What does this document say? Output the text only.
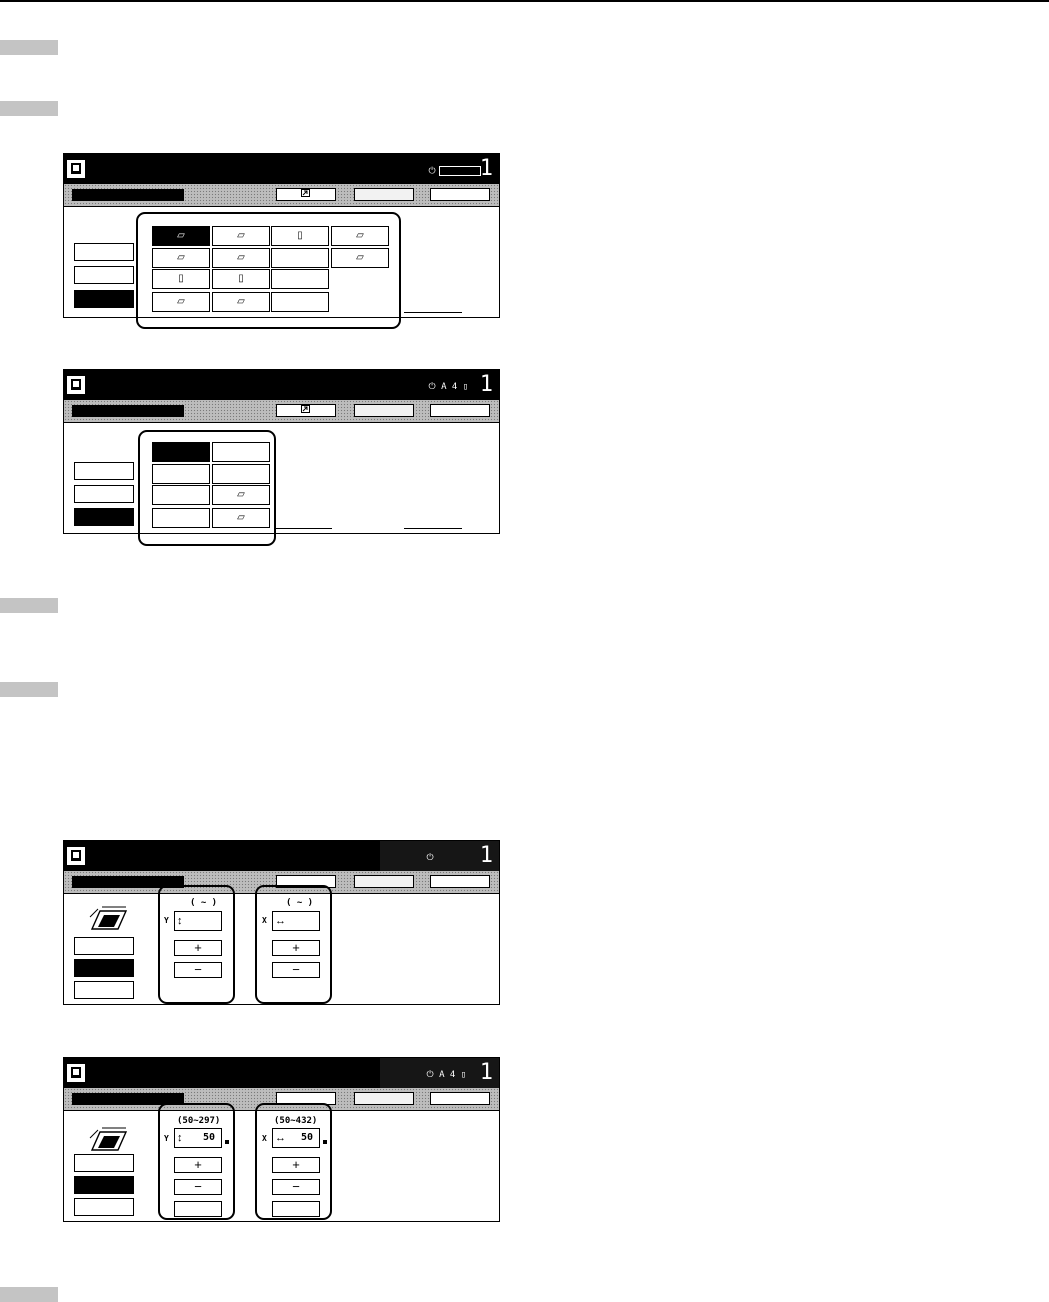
⏻

	1
⏥	⏥	▯	⏥
⏥	⏥	⏥
▯	▯
⏥	⏥

⏻ A 4 ▯

1
⏥
⏥

⏻

1
( ~ )
Y ↕
+
−
( ~ )
X ↔
+
−

⏻ A 4 ▯

1
(50~297)
Y ↕ 50
+
−
(50~432)
X ↔ 50
+
−
